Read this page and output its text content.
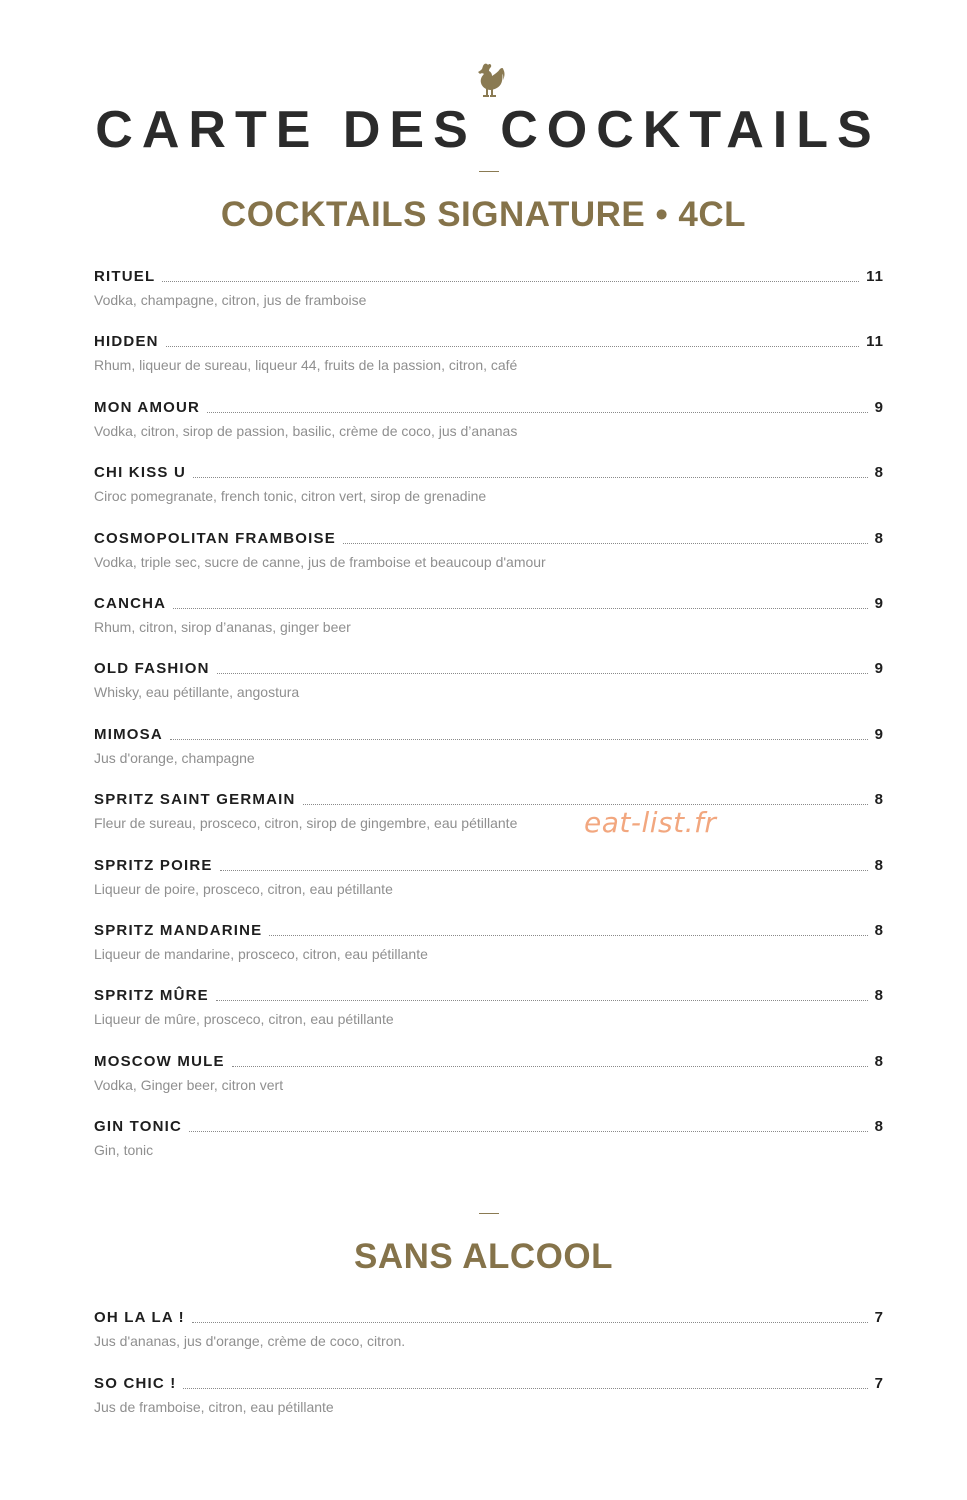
CARTE DES COCKTAILS
COCKTAILS SIGNATURE • 4CL
RITUEL	11
Vodka, champagne, citron, jus de framboise
HIDDEN	11
Rhum, liqueur de sureau, liqueur 44, fruits de la passion, citron, café
MON AMOUR	9
Vodka, citron, sirop de passion, basilic, crème de coco, jus d’ananas
CHI KISS U	8
Ciroc pomegranate, french tonic, citron vert, sirop de grenadine
COSMOPOLITAN FRAMBOISE	8
Vodka, triple sec, sucre de canne, jus de framboise et beaucoup d'amour
CANCHA	9
Rhum, citron, sirop d’ananas, ginger beer
OLD FASHION	9
Whisky, eau pétillante, angostura
MIMOSA	9
Jus d'orange, champagne
SPRITZ SAINT GERMAIN	8
Fleur de sureau, prosceco, citron, sirop de gingembre, eau pétillante
SPRITZ POIRE	8
Liqueur de poire, prosceco, citron, eau pétillante
SPRITZ MANDARINE	8
Liqueur de mandarine, prosceco, citron, eau pétillante
SPRITZ MÛRE	8
Liqueur de mûre, prosceco, citron, eau pétillante
MOSCOW MULE	8
Vodka, Ginger beer, citron vert
GIN TONIC	8
Gin, tonic
SANS ALCOOL
OH LA LA !	7
Jus d'ananas, jus d'orange, crème de coco, citron.
SO CHIC !	7
Jus de framboise, citron, eau pétillante
eat-list.fr
